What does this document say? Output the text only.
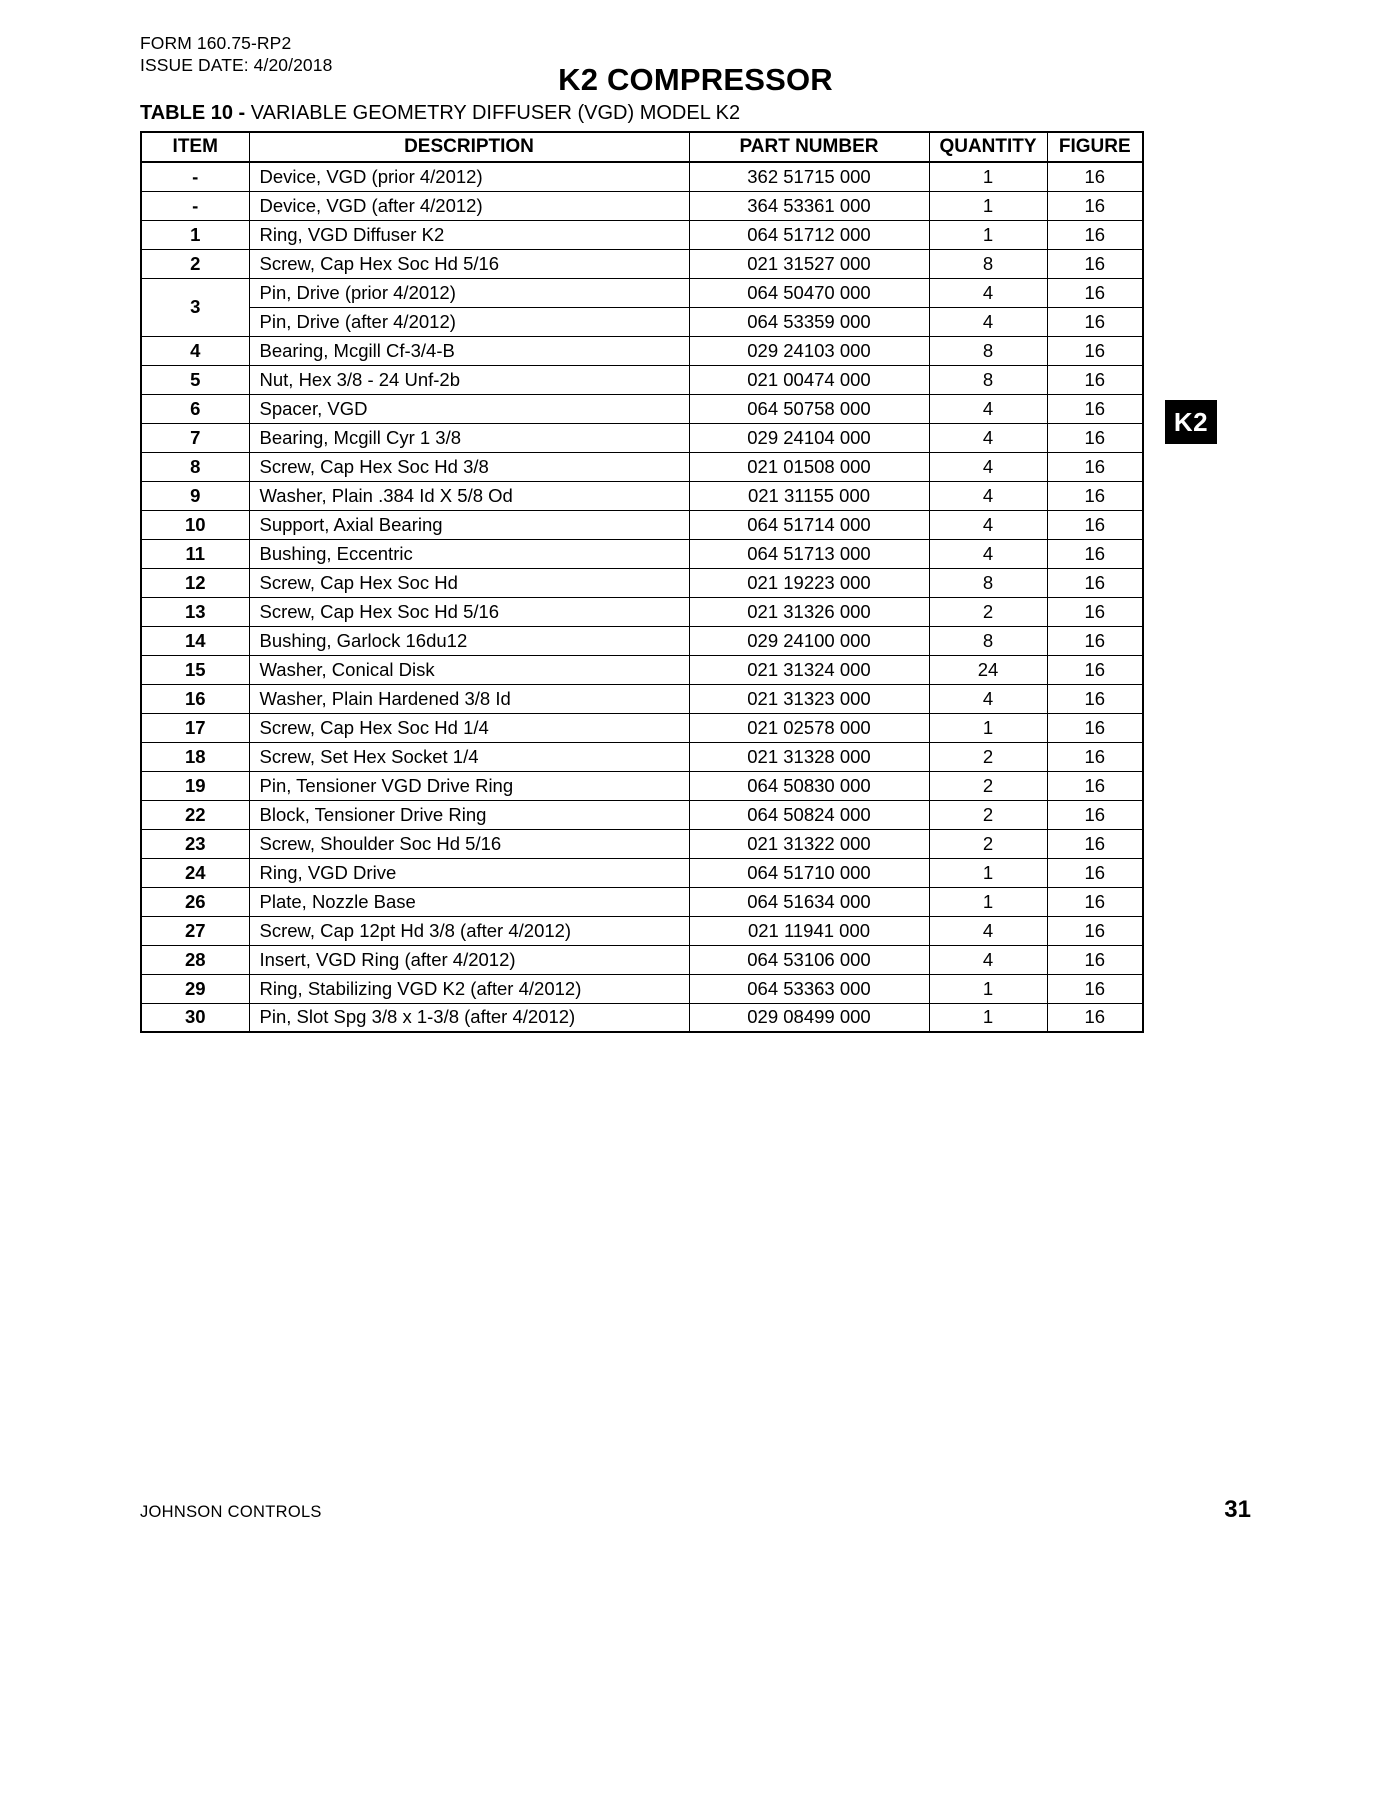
FORM 160.75-RP2
ISSUE DATE: 4/20/2018	K2 COMPRESSOR
TABLE 10 - VARIABLE GEOMETRY DIFFUSER (VGD) MODEL K2
ITEM	DESCRIPTION	PART NUMBER	QUANTITY	FIGURE
-	Device, VGD (prior 4/2012)	362 51715 000	1	16
-	Device, VGD (after 4/2012)	364 53361 000	1	16
1	Ring, VGD Diffuser K2	064 51712 000	1	16
2	Screw, Cap Hex Soc Hd 5/16	021 31527 000	8	16
3	Pin, Drive (prior 4/2012)	064 50470 000	4	16
	Pin, Drive (after 4/2012)	064 53359 000	4	16
4	Bearing, Mcgill Cf-3/4-B	029 24103 000	8	16
5	Nut, Hex 3/8 - 24 Unf-2b	021 00474 000	8	16
6	Spacer, VGD	064 50758 000	4	16
7	Bearing, Mcgill Cyr 1 3/8	029 24104 000	4	16
8	Screw, Cap Hex Soc Hd 3/8	021 01508 000	4	16
9	Washer, Plain .384 Id X 5/8 Od	021 31155 000	4	16
10	Support, Axial Bearing	064 51714 000	4	16
11	Bushing, Eccentric	064 51713 000	4	16
12	Screw, Cap Hex Soc Hd	021 19223 000	8	16
13	Screw, Cap Hex Soc Hd 5/16	021 31326 000	2	16
14	Bushing, Garlock 16du12	029 24100 000	8	16
15	Washer, Conical Disk	021 31324 000	24	16
16	Washer, Plain Hardened 3/8 Id	021 31323 000	4	16
17	Screw, Cap Hex Soc Hd 1/4	021 02578 000	1	16
18	Screw, Set Hex Socket 1/4	021 31328 000	2	16
19	Pin, Tensioner VGD Drive Ring	064 50830 000	2	16
22	Block, Tensioner Drive Ring	064 50824 000	2	16
23	Screw, Shoulder Soc Hd 5/16	021 31322 000	2	16
24	Ring, VGD Drive	064 51710 000	1	16
26	Plate, Nozzle Base	064 51634 000	1	16
27	Screw, Cap 12pt Hd 3/8 (after 4/2012)	021 11941 000	4	16
28	Insert, VGD Ring (after 4/2012)	064 53106 000	4	16
29	Ring, Stabilizing VGD K2 (after 4/2012)	064 53363 000	1	16
30	Pin, Slot Spg 3/8 x 1-3/8 (after 4/2012)	029 08499 000	1	16
K2
JOHNSON CONTROLS	31
